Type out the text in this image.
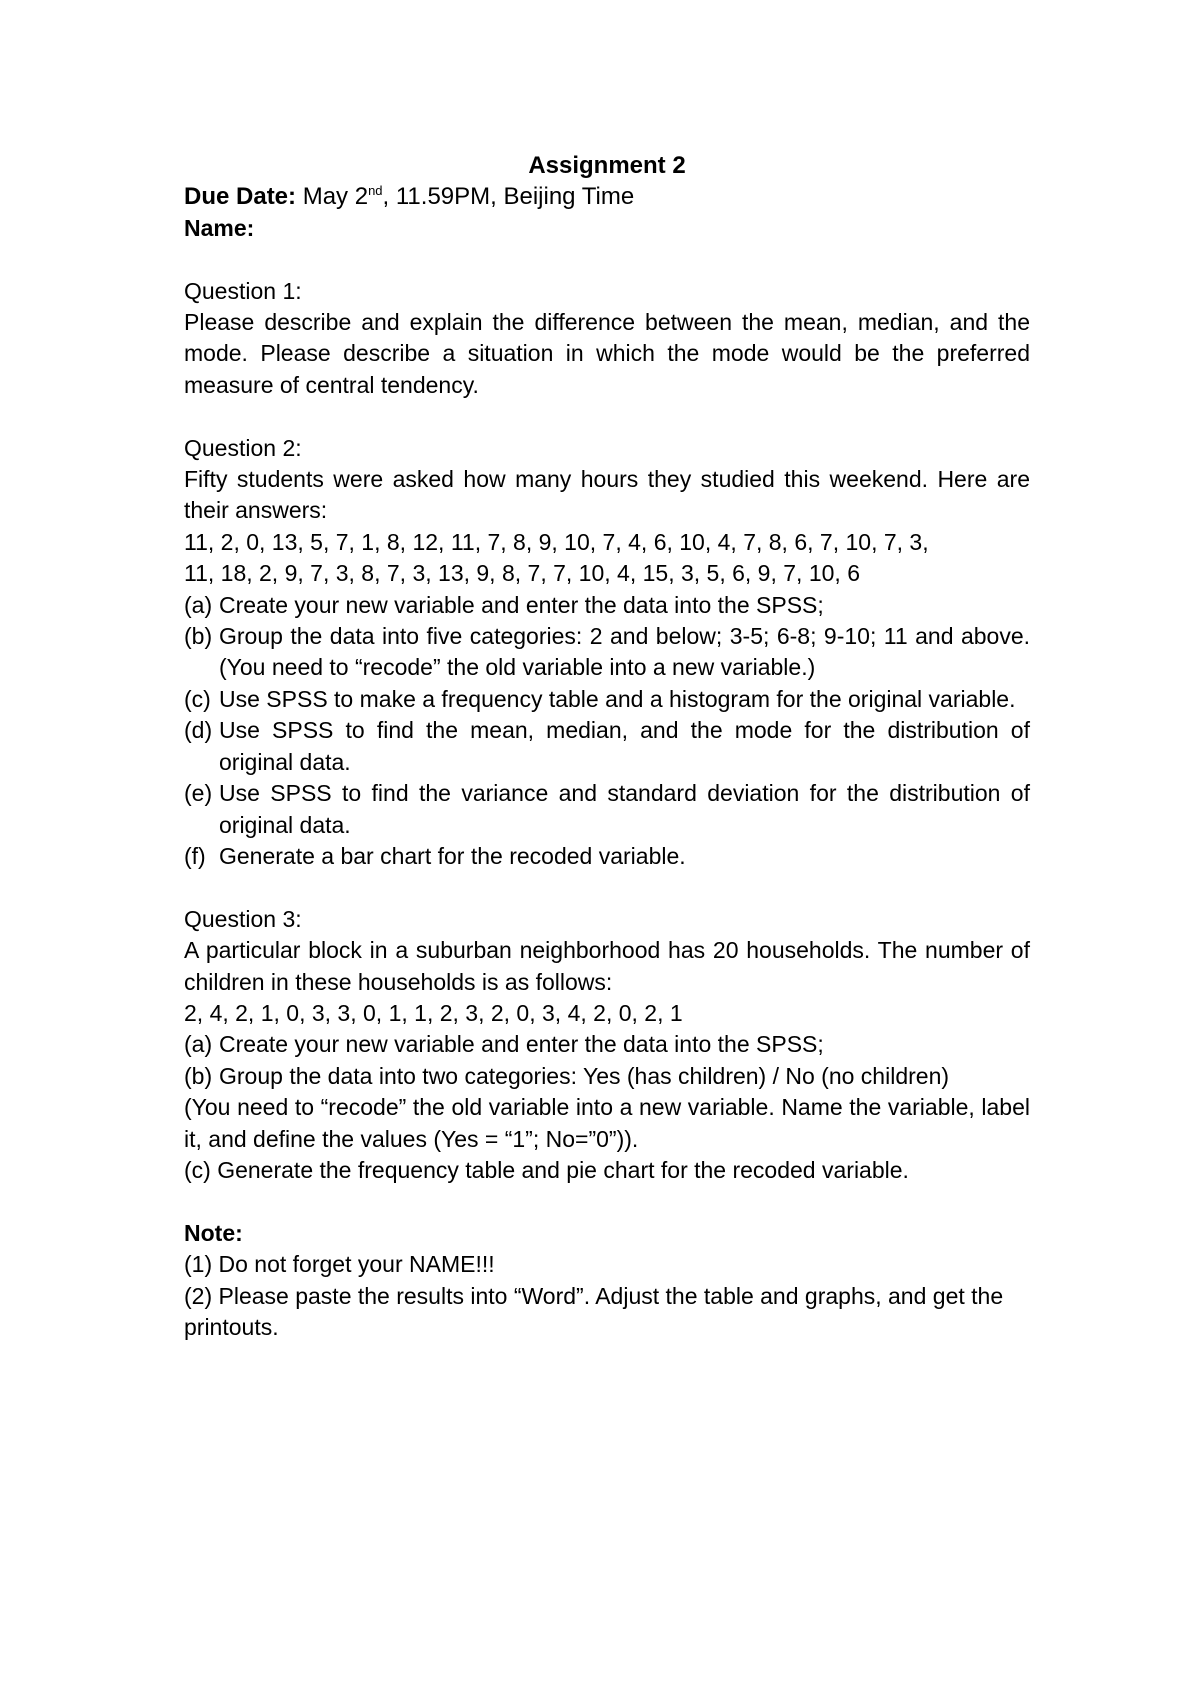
Assignment 2

Due Date: May 2nd, 11.59PM, Beijing Time

Name:

Question 1:

Please describe and explain the difference between the mean, median, and the mode. Please describe a situation in which the mode would be the preferred measure of central tendency.

Question 2:

Fifty students were asked how many hours they studied this weekend. Here are their answers:

11, 2, 0, 13, 5, 7, 1, 8, 12, 11, 7, 8, 9, 10, 7, 4, 6, 10, 4, 7, 8, 6, 7, 10, 7, 3,

11, 18, 2, 9, 7, 3, 8, 7, 3, 13, 9, 8, 7, 7, 10, 4, 15, 3, 5, 6, 9, 7, 10, 6

(a) Create your new variable and enter the data into the SPSS;
(b) Group the data into five categories: 2 and below; 3-5; 6-8; 9-10; 11 and above. (You need to “recode” the old variable into a new variable.)
(c) Use SPSS to make a frequency table and a histogram for the original variable.
(d) Use SPSS to find the mean, median, and the mode for the distribution of original data.
(e) Use SPSS to find the variance and standard deviation for the distribution of original data.
(f) Generate a bar chart for the recoded variable.

Question 3:

A particular block in a suburban neighborhood has 20 households. The number of children in these households is as follows:

2, 4, 2, 1, 0, 3, 3, 0, 1, 1, 2, 3, 2, 0, 3, 4, 2, 0, 2, 1

(a) Create your new variable and enter the data into the SPSS;
(b) Group the data into two categories: Yes (has children) / No (no children)

(You need to “recode” the old variable into a new variable. Name the variable, label it, and define the values (Yes = “1”; No=”0”)).

(c) Generate the frequency table and pie chart for the recoded variable.

Note:

(1) Do not forget your NAME!!!

(2) Please paste the results into “Word”. Adjust the table and graphs, and get the printouts.
